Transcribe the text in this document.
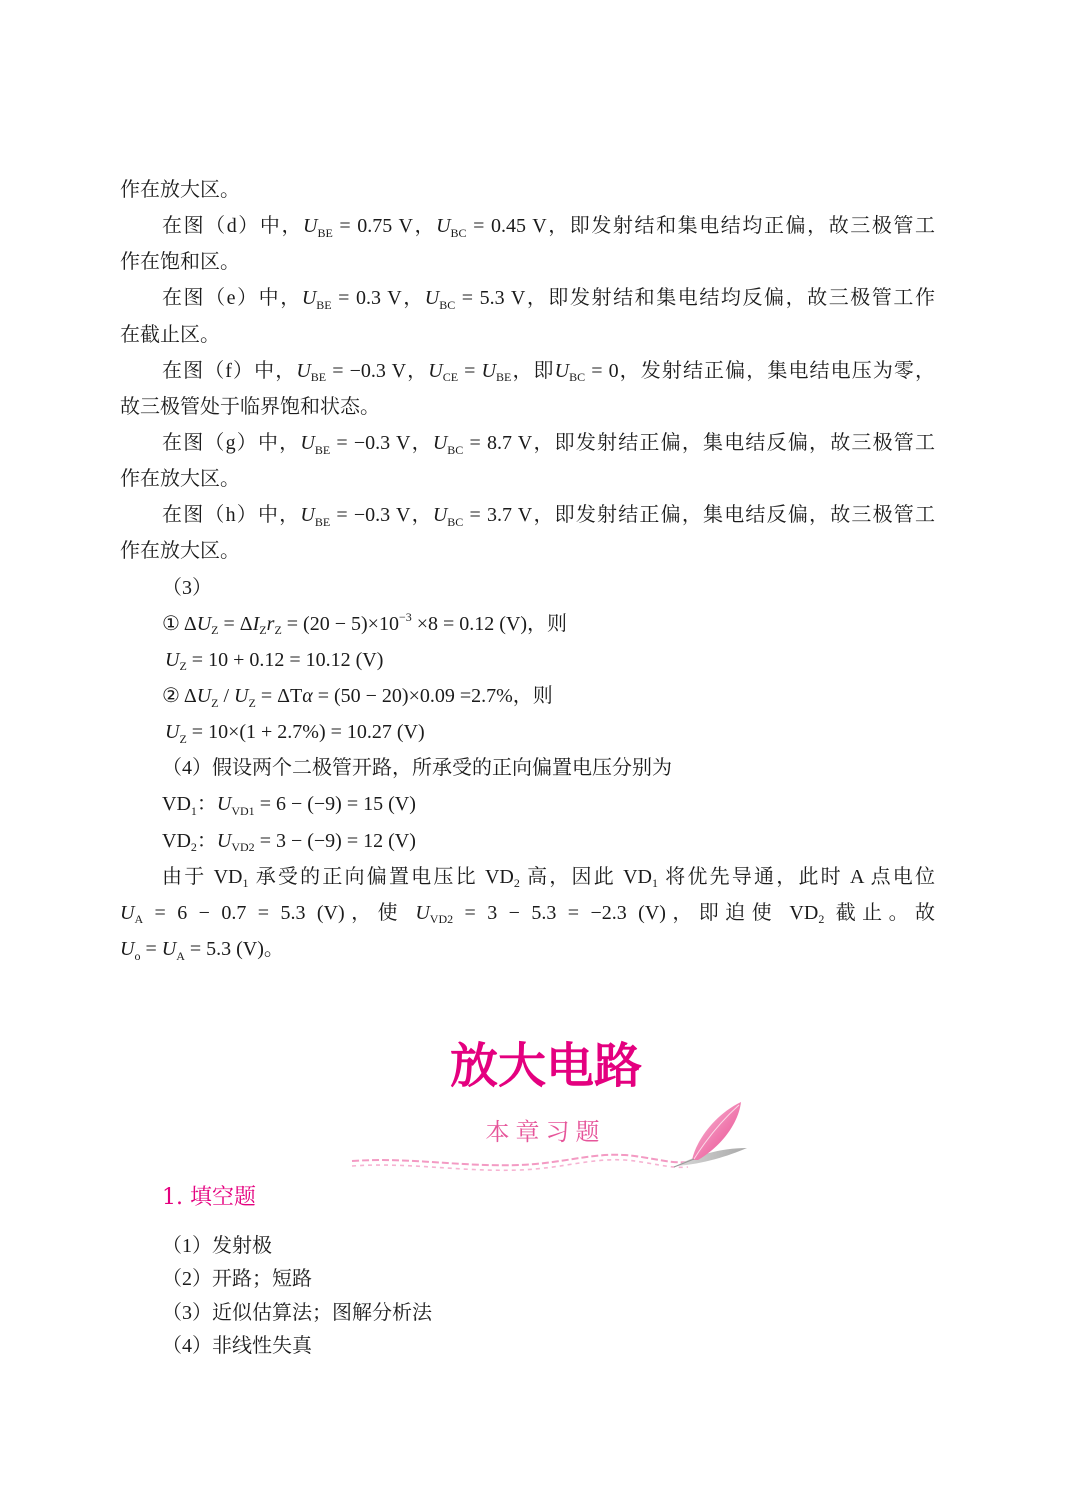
作在放大区。
在图（d）中，$U_{BE} = 0.75$ V，$U_{BC} = 0.45$ V，即发射结和集电结均正偏，故三极管工
作在饱和区。
在图（e）中，$U_{BE} = 0.3$ V，$U_{BC} = 5.3$ V，即发射结和集电结均反偏，故三极管工作
在截止区。
在图（f）中，$U_{BE} = -0.3$ V，$U_{CE} = U_{BE}$，即$U_{BC} = 0$，发射结正偏，集电结电压为零，
故三极管处于临界饱和状态。
在图（g）中，$U_{BE} = -0.3$ V，$U_{BC} = 8.7$ V，即发射结正偏，集电结反偏，故三极管工
作在放大区。
在图（h）中，$U_{BE} = -0.3$ V，$U_{BC} = 3.7$ V，即发射结正偏，集电结反偏，故三极管工
作在放大区。
（3）
① $\Delta U_Z = \Delta I_Zr_Z = (20 - 5)\times 10^{-3} \times 8 = 0.12$ (V)，则
$U_Z = 10 + 0.12 = 10.12$ (V)
② $\Delta U_Z / U_Z = \Delta T\alpha = (50 - 20)\times 0.09 =2.7\%$，则
$U_Z = 10\times(1 + 2.7\%) = 10.27$ (V)
（4）假设两个二极管开路，所承受的正向偏置电压分别为
$VD_1$：$U_{VD1} = 6 - (-9) = 15$ (V)
$VD_2$：$U_{VD2} = 3 - (-9) = 12$ (V)
由于 $VD_1$ 承受的正向偏置电压比 $VD_2$ 高，因此 $VD_1$ 将优先导通，此时 A 点电位
$U_A = 6 - 0.7 = 5.3$ (V)，使 $U_{VD2} = 3 - 5.3 = -2.3$ (V)，即迫使 $VD_2$ 截止。故
$U_o = U_A = 5.3$ (V)。
放大电路
本章习题
1. 填空题
（1）发射极
（2）开路；短路
（3）近似估算法；图解分析法
（4）非线性失真
